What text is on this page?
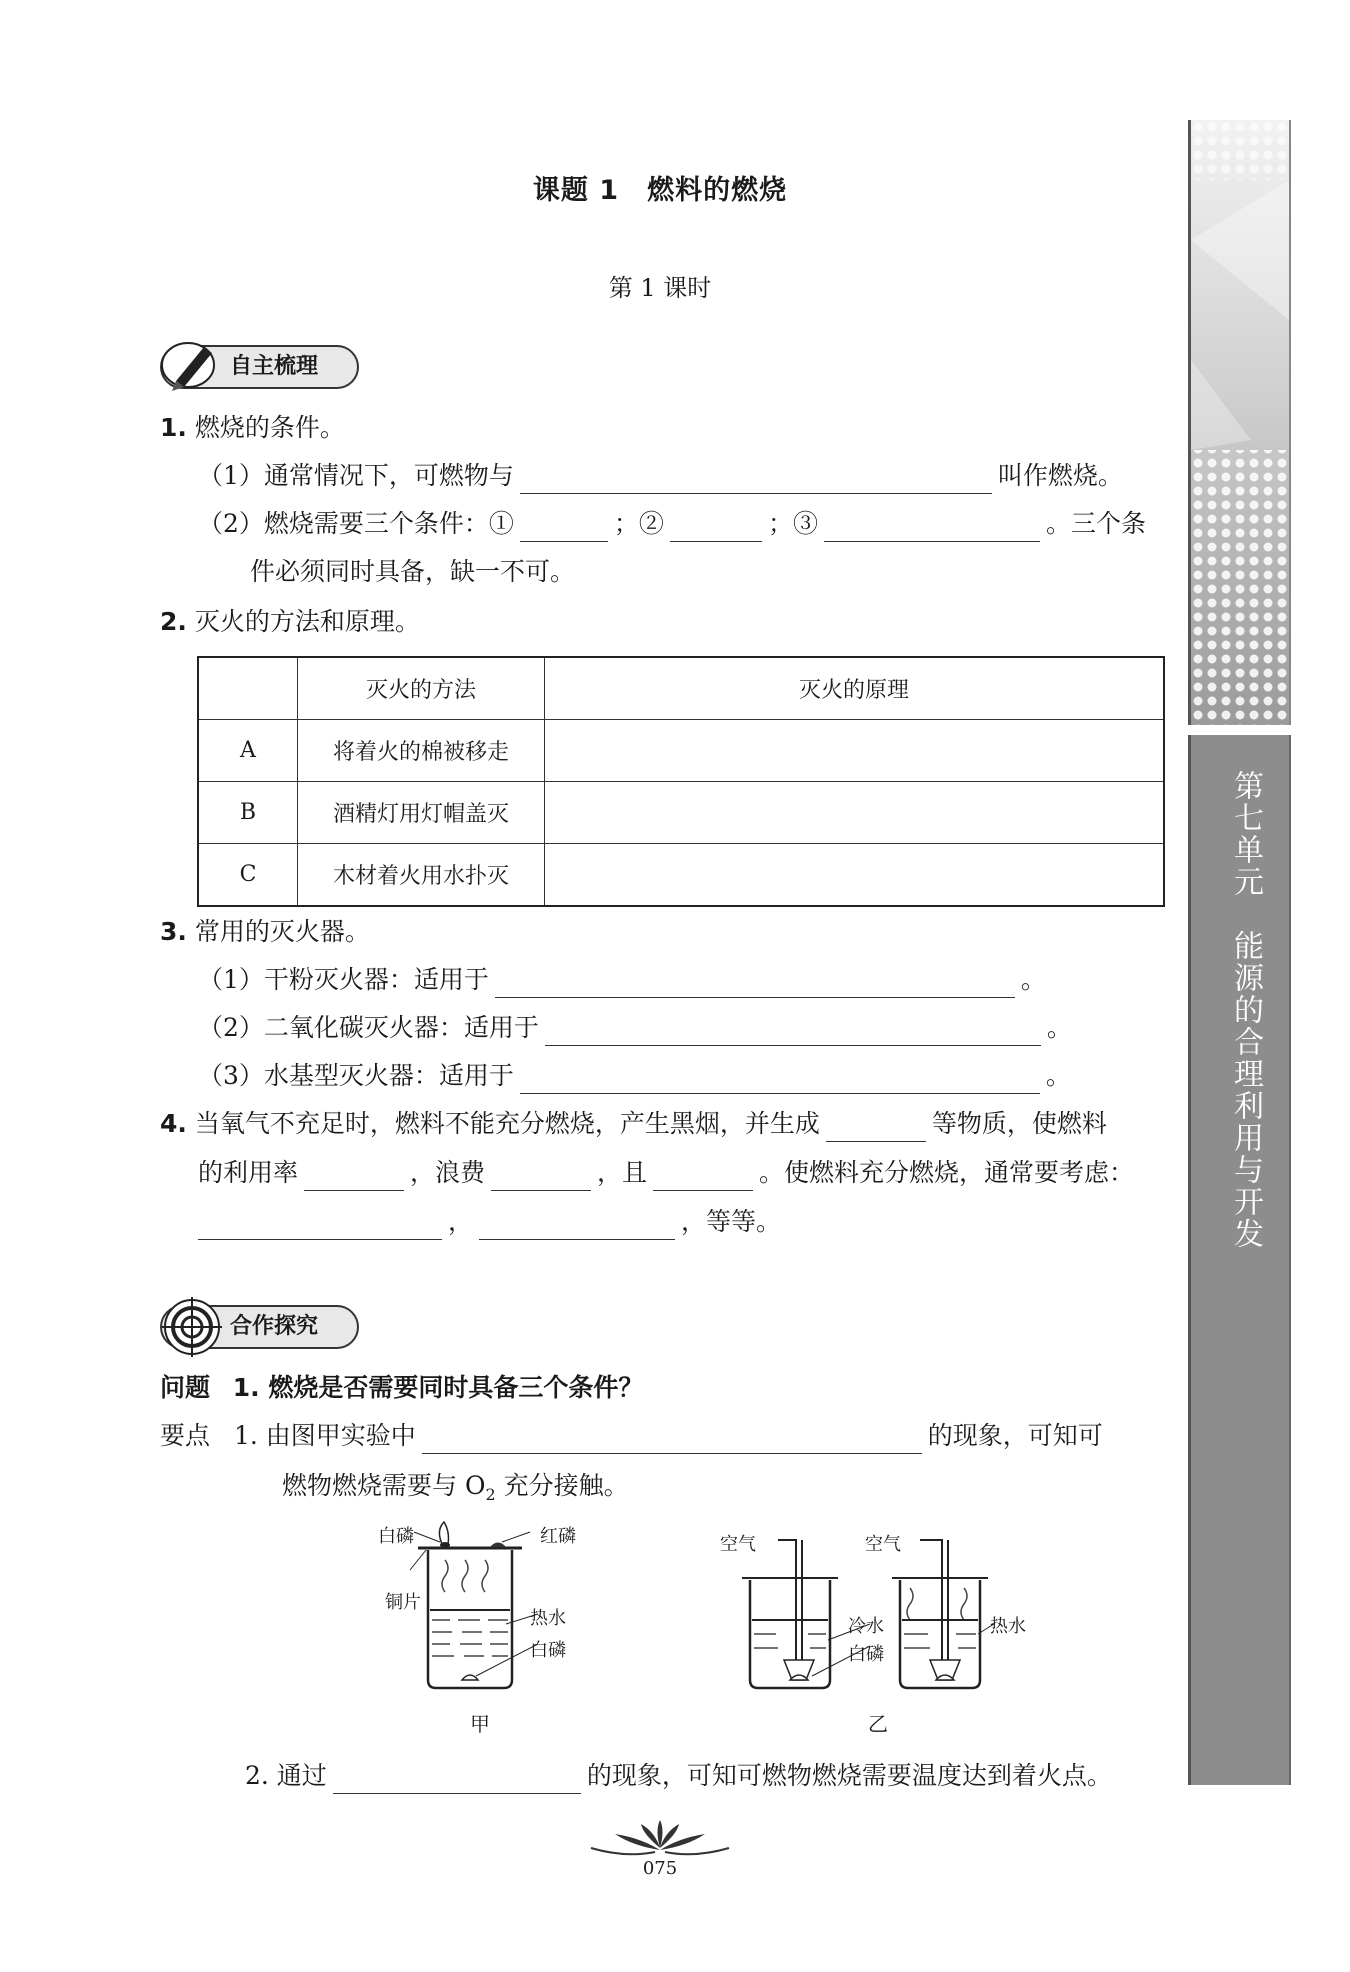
课题 1　燃料的燃烧
第 1 课时
自主梳理
1. 燃烧的条件。
（1）通常情况下，可燃物与	叫作燃烧。
（2）燃烧需要三个条件：①	；②	；③	。三个条
件必须同时具备，缺一不可。
2. 灭火的方法和原理。
	灭火的方法	灭火的原理
A	将着火的棉被移走	
B	酒精灯用灯帽盖灭	
C	木材着火用水扑灭	
3. 常用的灭火器。
（1）干粉灭火器：适用于	。
（2）二氧化碳灭火器：适用于	。
（3）水基型灭火器：适用于	。
4. 当氧气不充足时，燃料不能充分燃烧，产生黑烟，并生成	等物质，使燃料
的利用率	，浪费	，且	。使燃料充分燃烧，通常要考虑：
，	，等等。
合作探究
问题 1. 燃烧是否需要同时具备三个条件？
要点 1. 由图甲实验中	的现象，可知可
燃物燃烧需要与 $O_2$ 充分接触。
白磷	红磷
铜片
热水
白磷
甲
空气	空气
冷水
白磷
热水
乙
2. 通过	的现象，可知可燃物燃烧需要温度达到着火点。
075
第七单元　能源的合理利用与开发
